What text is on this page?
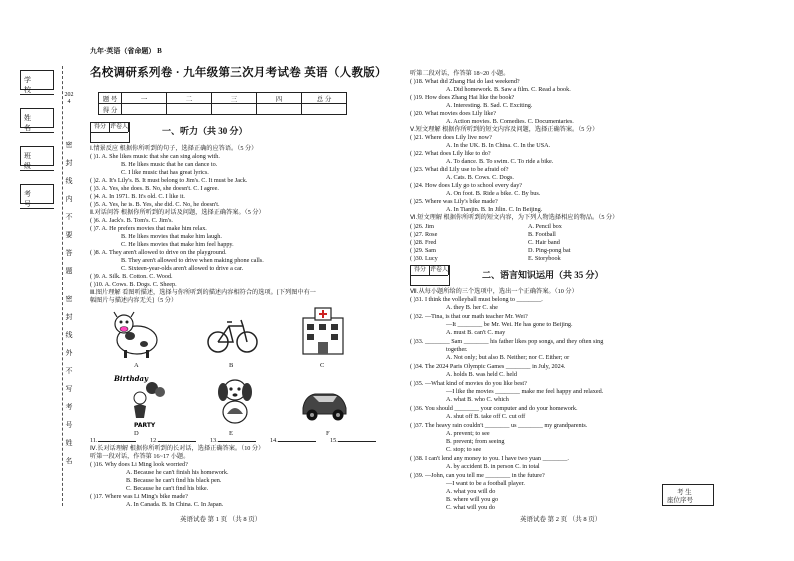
九年·英语（省命题） B
学 校
姓 名
班 级
考 号
密
封
线
内
不
要
答
题
密
封
线
外
不
写
考
号
姓
名
2024
名校调研系列卷 · 九年级第三次月考试卷 英语（人教版）
题 号	一	二	三	四	总 分
得 分					
得分 评卷人	一、听力（共 30 分）
Ⅰ.情景反应 根据你所听到的句子，选择正确的应答语。（5 分）
( )1. A. She likes music that she can sing along with.
B. He likes music that he can dance to.
C. I like music that has great lyrics.
( )2. A. It's Lily's. B. It must belong to Jim's. C. It must be Jack.
( )3. A. Yes, she does. B. No, she doesn't. C. I agree.
( )4. A. In 1971. B. It's old. C. I like it.
( )5. A. Yes, he is. B. Yes, she did. C. No, he doesn't.
Ⅱ.对话问答 根据你所听到的对话及问题，选择正确答案。（5 分）
( )6. A. Jack's. B. Tom's. C. Jim's.
( )7. A. He prefers movies that make him relax.
B. He likes movies that make him laugh.
C. He likes movies that make him feel happy.
( )8. A. They aren't allowed to drive on the playground.
B. They aren't allowed to drive when making phone calls.
C. Sixteen-year-olds aren't allowed to drive a car.
( )9. A. Silk. B. Cotton. C. Wood.
( )10. A. Cows. B. Dogs. C. Sheep.
Ⅲ.图片理解 看图听描述，选择与你所听到的描述内容相符合的选项。[下列图中有一
幅图片与描述内容无关]（5 分）
A	B	C
Birthday
PARTY
D	E	F
11.	12.	13.	14.	15.
Ⅳ.长对话理解 根据你所听到的长对话，选择正确答案。（10 分）
听第一段对话，作答第 16~17 小题。
( )16. Why does Li Ming look worried?
A. Because he can't finish his homework.
B. Because he can't find his black pen.
C. Because he can't find his bike.
( )17. Where was Li Ming's bike made?
A. In Canada. B. In China. C. In Japan.
英语试卷 第 1 页 （共 8 页）
听第二段对话，作答第 18~20 小题。
( )18. What did Zhang Hai do last weekend?
A. Did homework. B. Saw a film. C. Read a book.
( )19. How does Zhang Hai like the book?
A. Interesting. B. Sad. C. Exciting.
( )20. What movies does Lily like?
A. Action movies. B. Comedies. C. Documentaries.
Ⅴ.短文理解 根据你所听到的短文内容及问题，选择正确答案。（5 分）
( )21. Where does Lily live now?
A. In the UK. B. In China. C. In the USA.
( )22. What does Lily like to do?
A. To dance. B. To swim. C. To ride a bike.
( )23. What did Lily use to be afraid of?
A. Cats. B. Cows. C. Dogs.
( )24. How does Lily go to school every day?
A. On foot. B. Ride a bike. C. By bus.
( )25. Where was Lily's bike made?
A. In Tianjin. B. In Jilin. C. In Beijing.
Ⅵ.短文理解 根据你所听到的短文内容，为下列人物选择相应的物品。（5 分）
( )26. Jim
( )27. Rose
( )28. Fred
( )29. Sam
( )30. Lucy
A. Pencil box
B. Football
C. Hair band
D. Ping-pong bat
E. Storybook
得分 评卷人	二、语言知识运用（共 35 分）
Ⅶ.从每小题所给的三个选项中，选出一个正确答案。（10 分）
( )31. I think the volleyball must belong to ________.
A. they B. her C. she
( )32. —Tina, is that our math teacher Mr. Wei?
—It ________ be Mr. Wei. He has gone to Beijing.
A. must B. can't C. may
( )33. ________ Sam ________ his father likes pop songs, and they often sing
together.
A. Not only; but also B. Neither; nor C. Either; or
( )34. The 2024 Paris Olympic Games ________ in July, 2024.
A. holds B. was held C. held
( )35. —What kind of movies do you like best?
—I like the movies ________ make me feel happy and relaxed.
A. what B. who C. which
( )36. You should ________ your computer and do your homework.
A. shut off B. take off C. cut off
( )37. The heavy rain couldn't ________ us ________ my grandparents.
A. prevent; to see
B. prevent; from seeing
C. stop; to see
( )38. I can't lend any money to you. I have two yuan ________.
A. by accident B. in person C. in total
( )39. —John, can you tell me ________ in the future?
—I want to be a football player.
A. what you will do
B. where will you go
C. what will you do
考 生
座位序号
英语试卷 第 2 页 （共 8 页）
